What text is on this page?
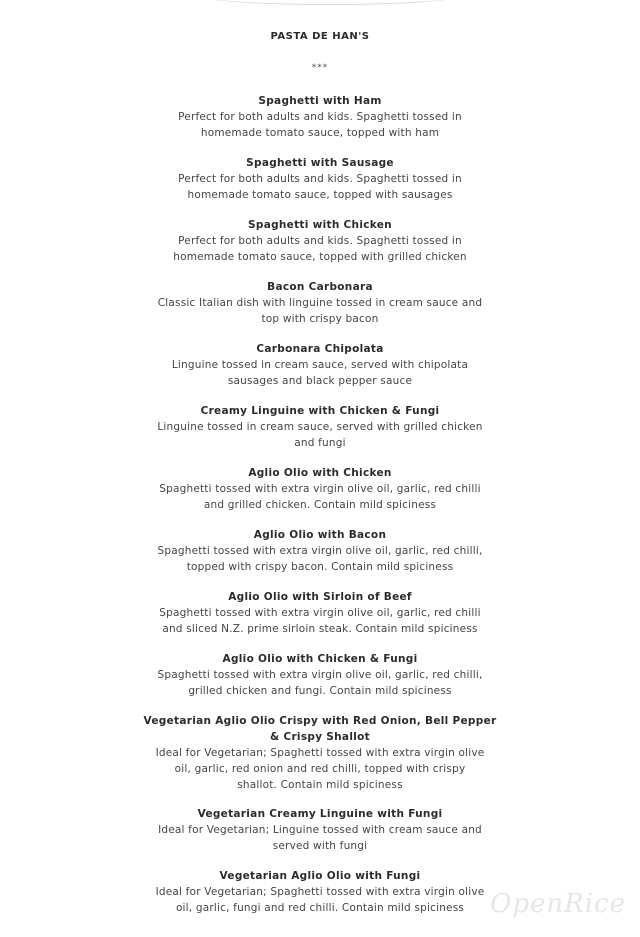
PASTA DE HAN'S
***
Spaghetti with Ham
Perfect for both adults and kids. Spaghetti tossed in
homemade tomato sauce, topped with ham
Spaghetti with Sausage
Perfect for both adults and kids. Spaghetti tossed in
homemade tomato sauce, topped with sausages
Spaghetti with Chicken
Perfect for both adults and kids. Spaghetti tossed in
homemade tomato sauce, topped with grilled chicken
Bacon Carbonara
Classic Italian dish with linguine tossed in cream sauce and
top with crispy bacon
Carbonara Chipolata
Linguine tossed in cream sauce, served with chipolata
sausages and black pepper sauce
Creamy Linguine with Chicken & Fungi
Linguine tossed in cream sauce, served with grilled chicken
and fungi
Aglio Olio with Chicken
Spaghetti tossed with extra virgin olive oil, garlic, red chilli
and grilled chicken. Contain mild spiciness
Aglio Olio with Bacon
Spaghetti tossed with extra virgin olive oil, garlic, red chilli,
topped with crispy bacon. Contain mild spiciness
Aglio Olio with Sirloin of Beef
Spaghetti tossed with extra virgin olive oil, garlic, red chilli
and sliced N.Z. prime sirloin steak. Contain mild spiciness
Aglio Olio with Chicken & Fungi
Spaghetti tossed with extra virgin olive oil, garlic, red chilli,
grilled chicken and fungi. Contain mild spiciness
Vegetarian Aglio Olio Crispy with Red Onion, Bell Pepper
& Crispy Shallot
Ideal for Vegetarian; Spaghetti tossed with extra virgin olive
oil, garlic, red onion and red chilli, topped with crispy
shallot. Contain mild spiciness
Vegetarian Creamy Linguine with Fungi
Ideal for Vegetarian; Linguine tossed with cream sauce and
served with fungi
Vegetarian Aglio Olio with Fungi
Ideal for Vegetarian; Spaghetti tossed with extra virgin olive
oil, garlic, fungi and red chilli. Contain mild spiciness	OpenRice
